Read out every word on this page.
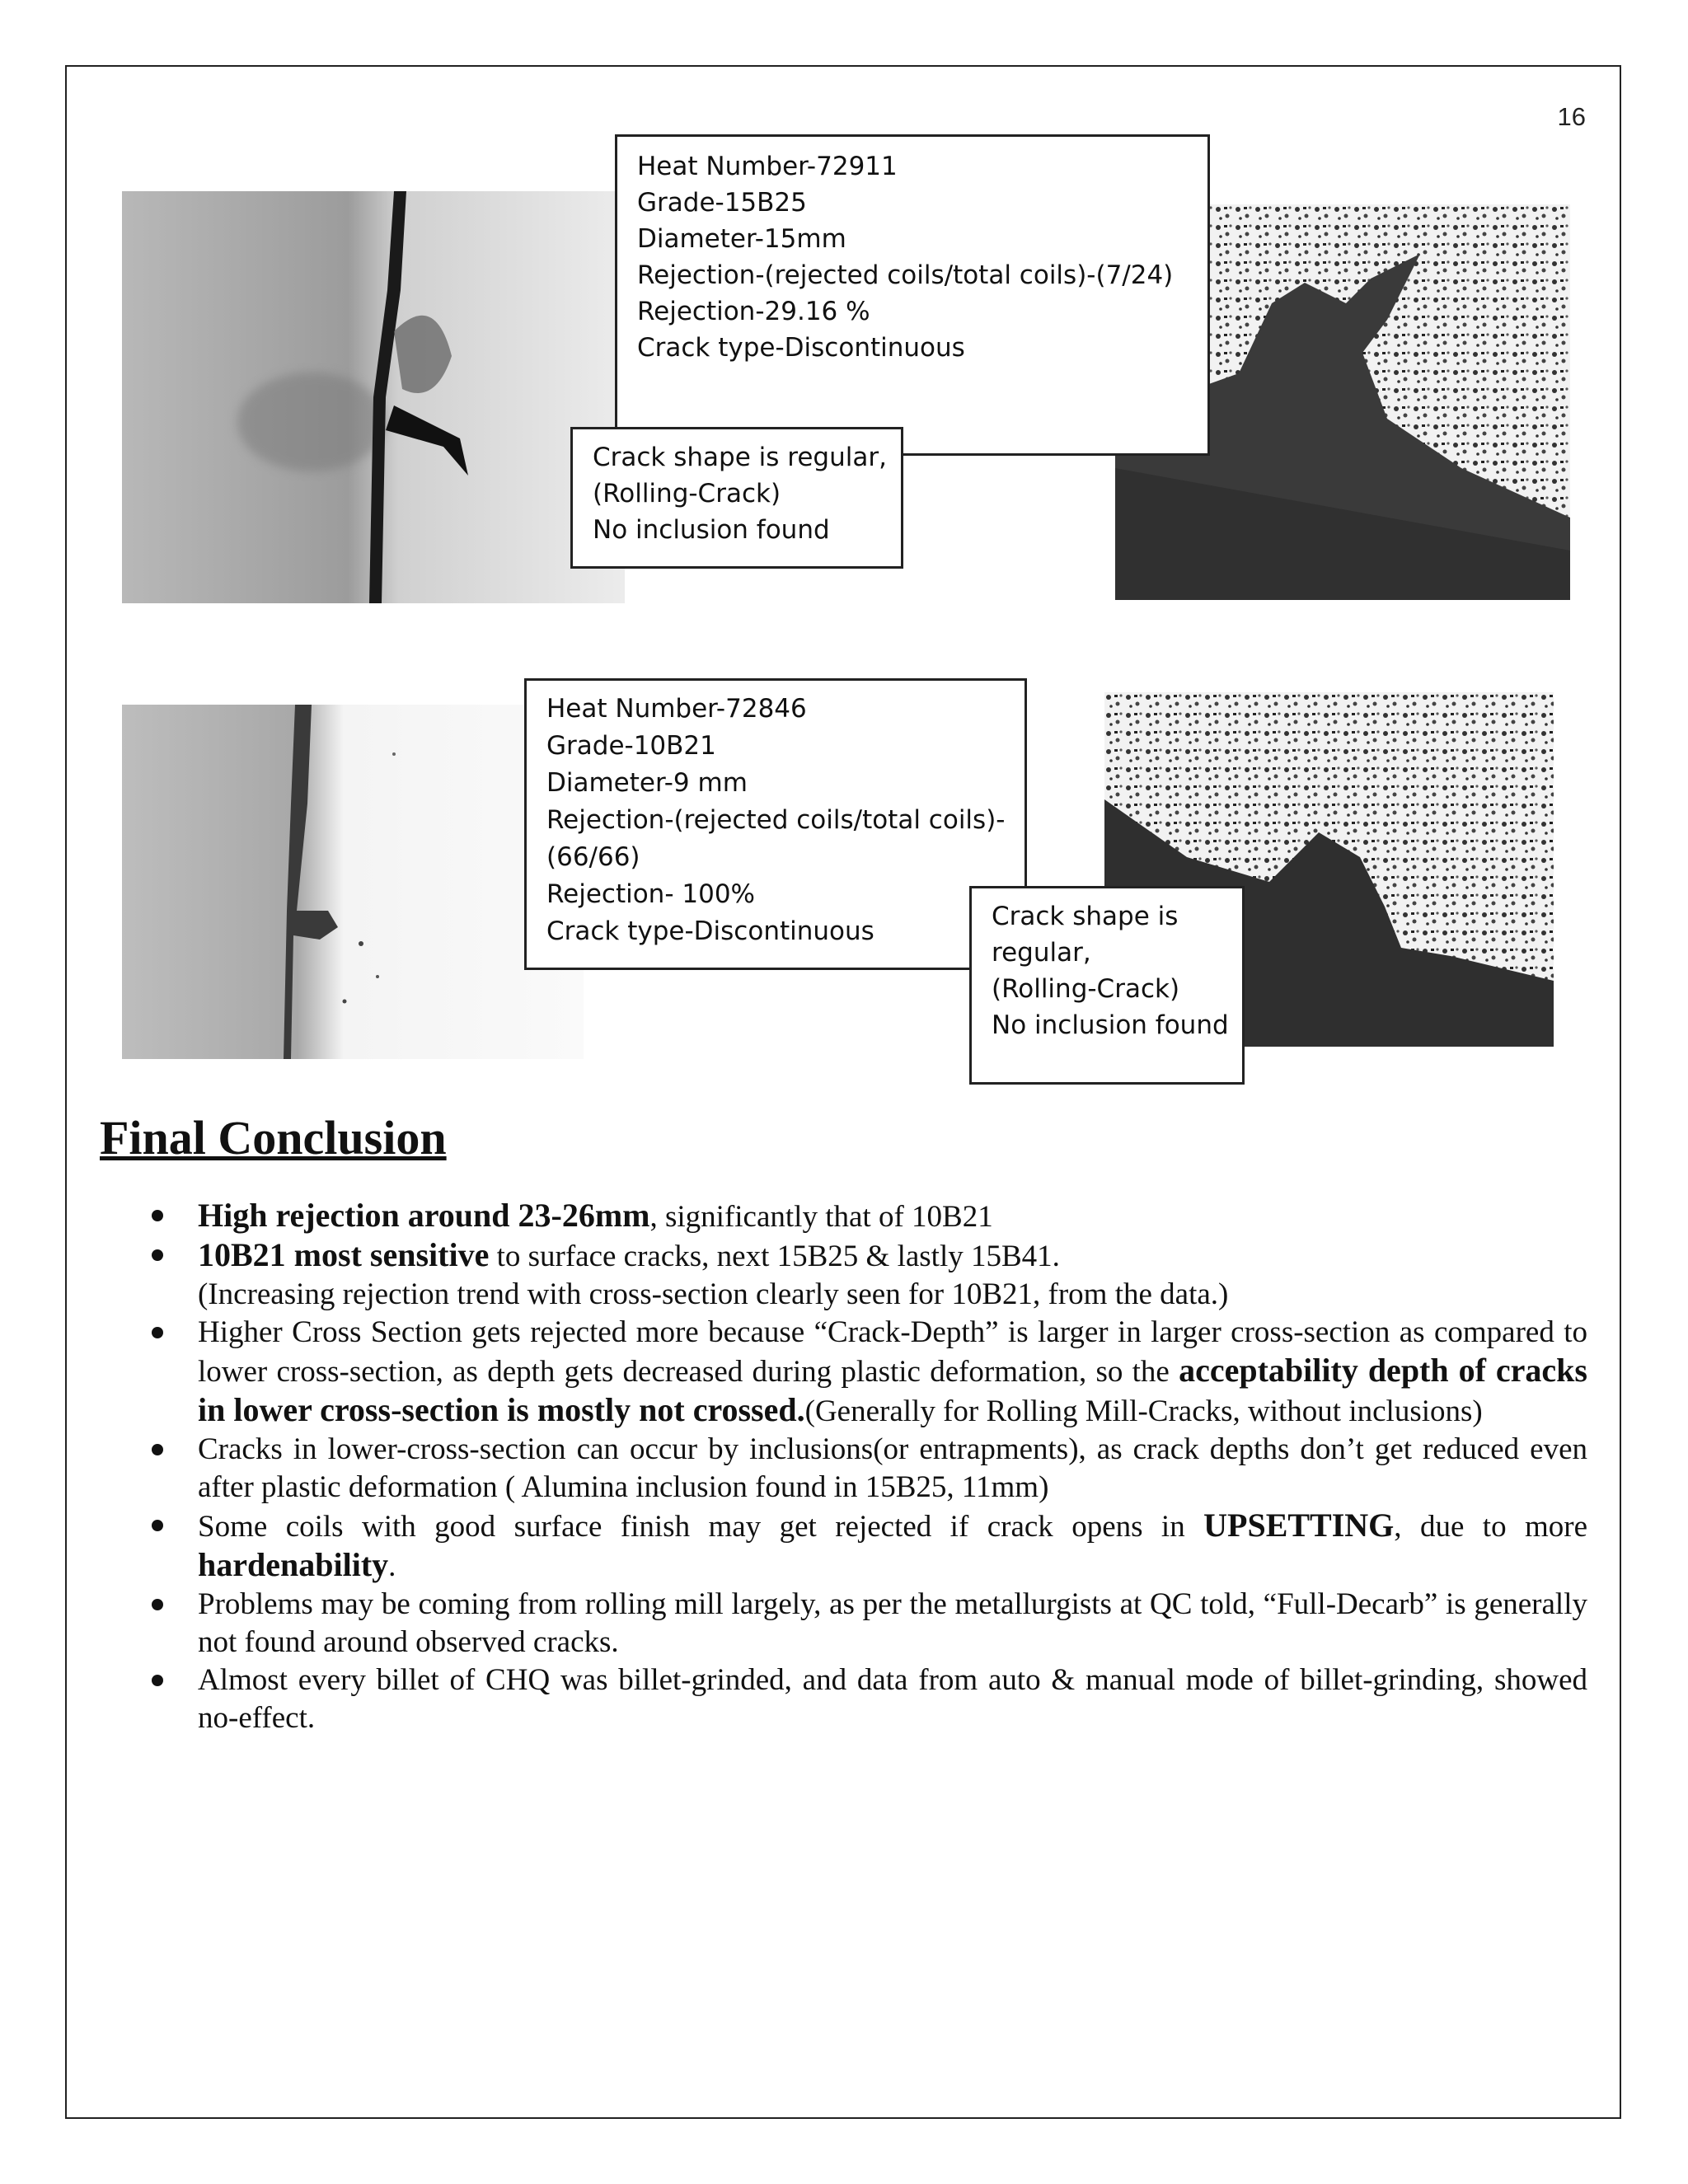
16
Heat Number-72911
Grade-15B25
Diameter-15mm
Rejection-(rejected coils/total coils)-(7/24)
Rejection-29.16 %
Crack type-Discontinuous
Crack shape is regular,
(Rolling-Crack)
No inclusion found
Heat Number-72846
Grade-10B21
Diameter-9 mm
Rejection-(rejected coils/total coils)-
(66/66)
Rejection- 100%
Crack type-Discontinuous	Crack shape is
regular,
(Rolling-Crack)
No inclusion found
Final Conclusion
High rejection around 23-26mm, significantly that of 10B21
10B21 most sensitive to surface cracks, next 15B25 & lastly 15B41.
(Increasing rejection trend with cross-section clearly seen for 10B21, from the data.)
Higher Cross Section gets rejected more because “Crack-Depth” is larger in larger cross-section as compared to lower cross-section, as depth gets decreased during plastic deformation, so the acceptability depth of cracks in lower cross-section is mostly not crossed.(Generally for Rolling Mill-Cracks, without inclusions)
Cracks in lower-cross-section can occur by inclusions(or entrapments), as crack depths don’t get reduced even after plastic deformation ( Alumina inclusion found in 15B25, 11mm)
Some coils with good surface finish may get rejected if crack opens in UPSETTING, due to more hardenability.
Problems may be coming from rolling mill largely, as per the metallurgists at QC told, “Full-Decarb” is generally not found around observed cracks.
Almost every billet of CHQ was billet-grinded, and data from auto & manual mode of billet-grinding, showed no-effect.
